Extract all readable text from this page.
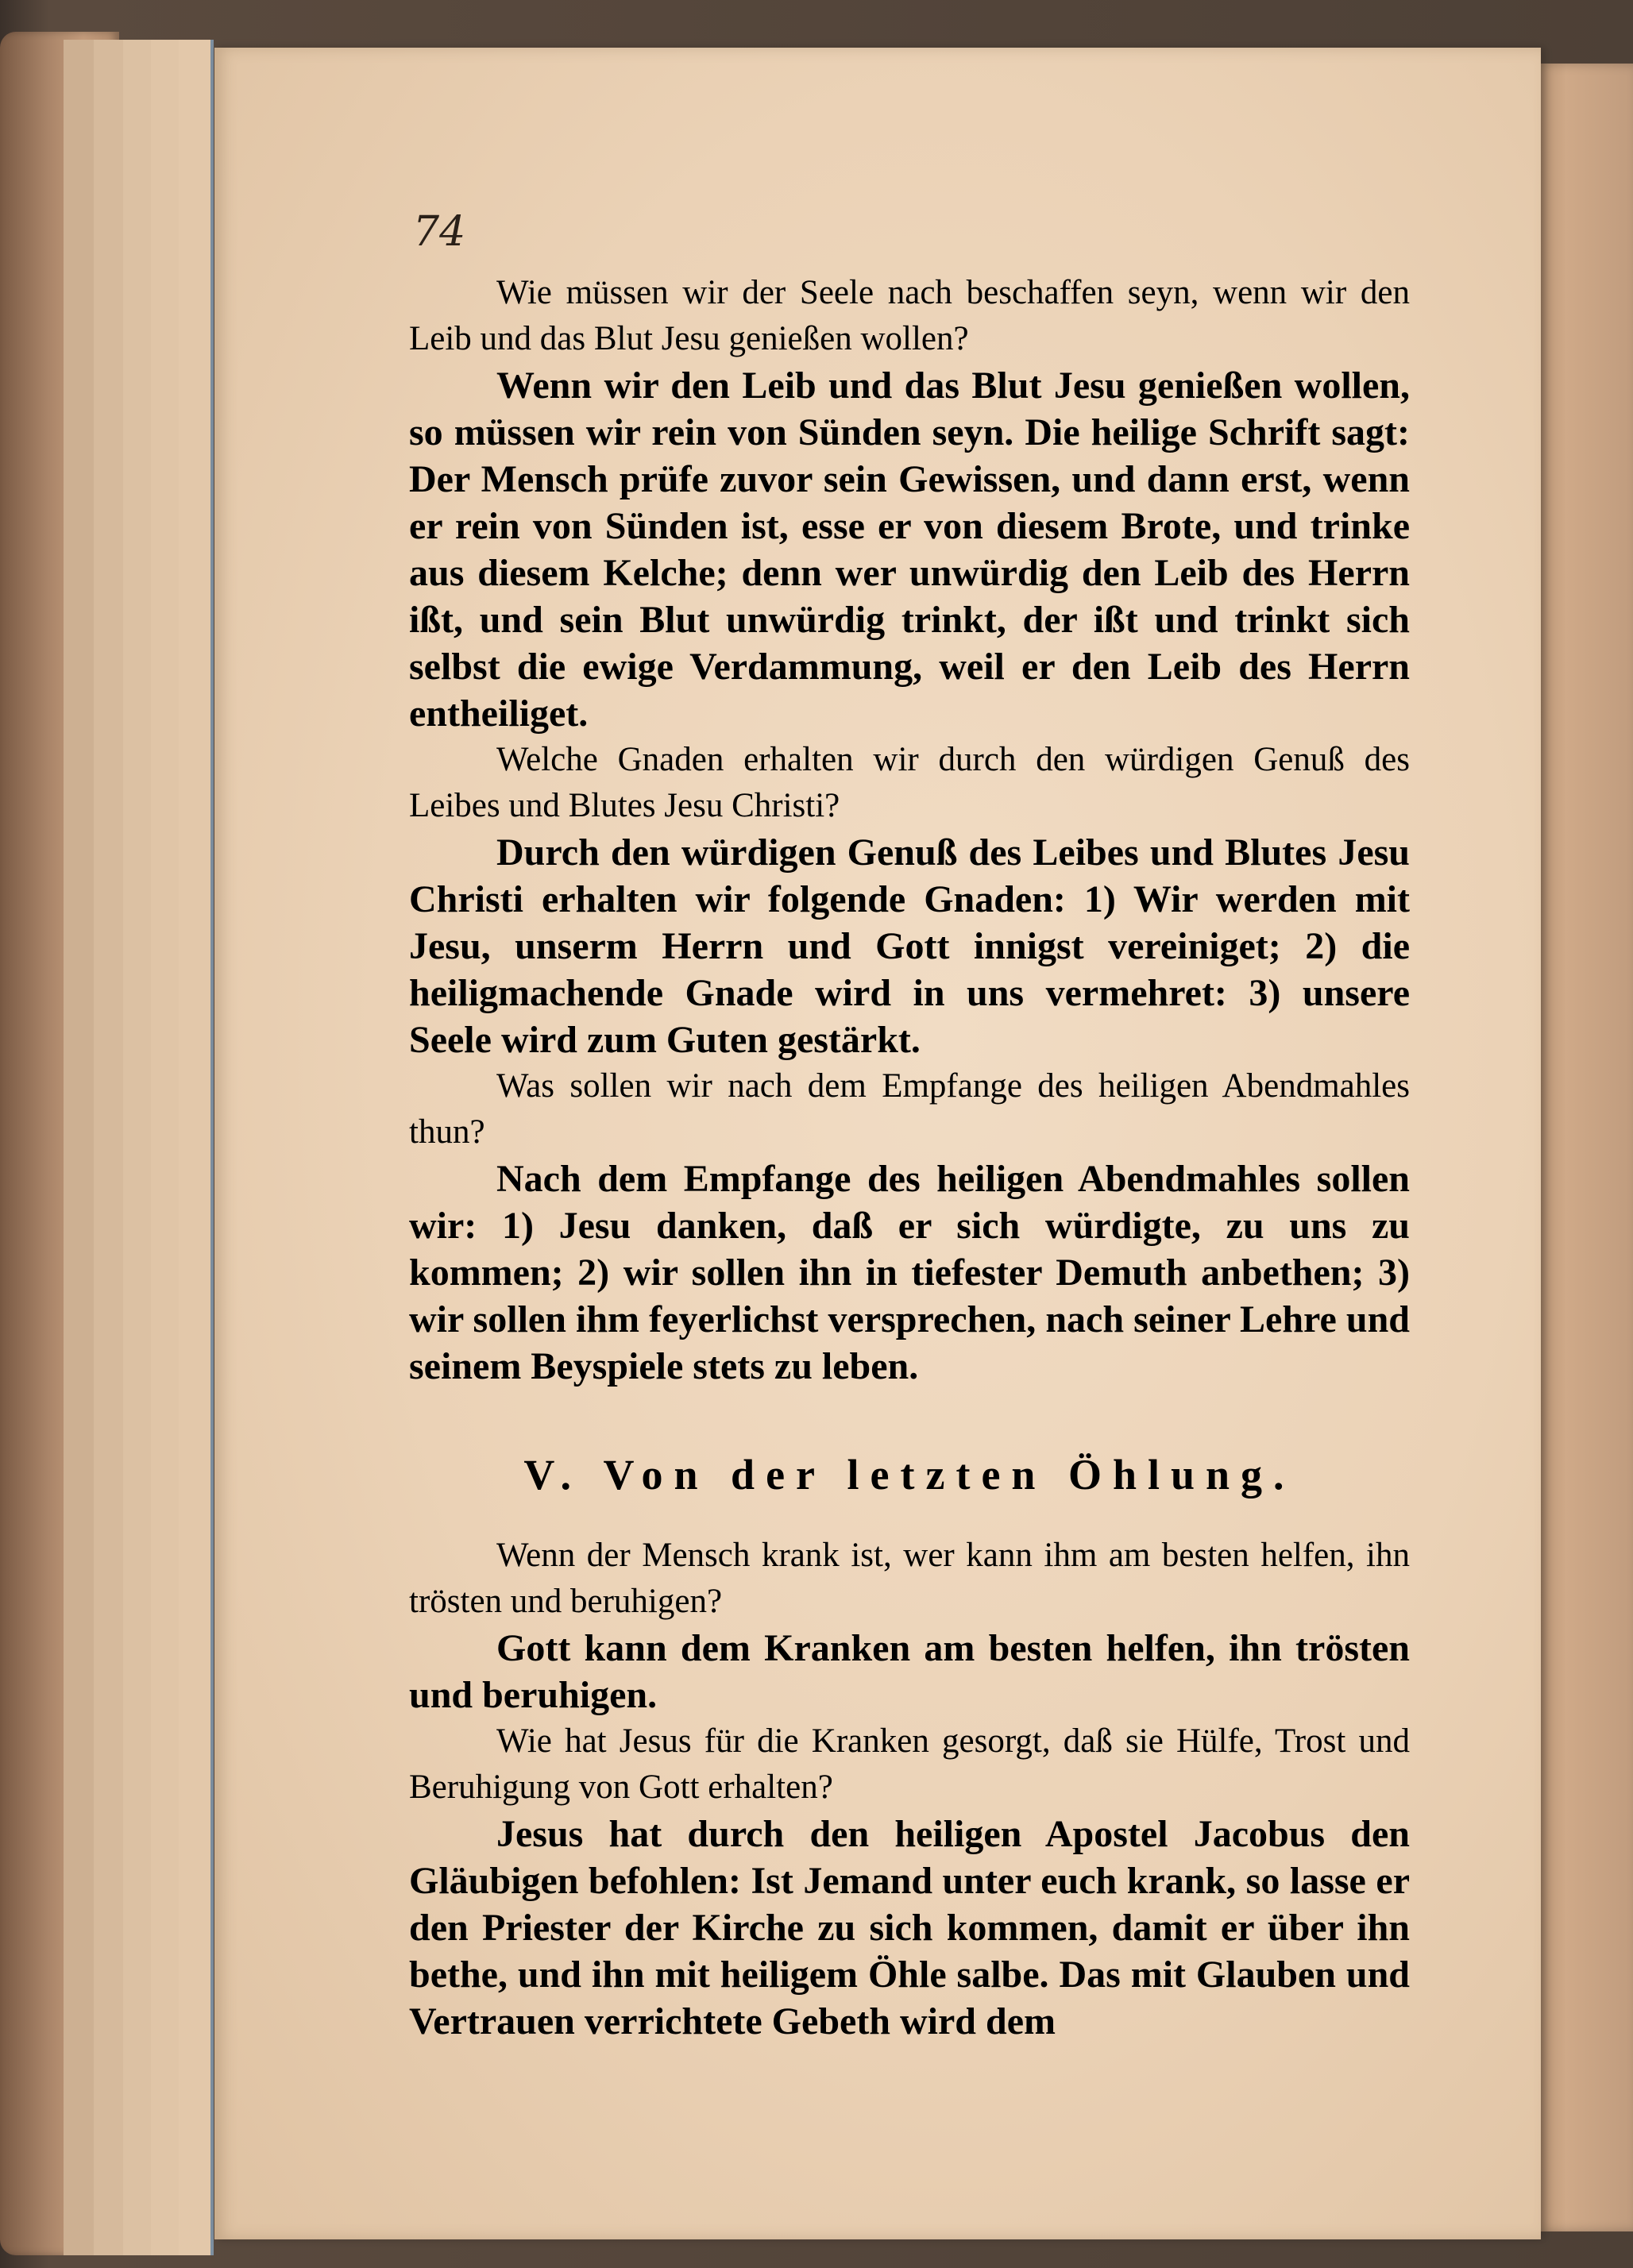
74

Wie müssen wir der Seele nach beschaffen seyn, wenn wir den Leib und das Blut Jesu genießen wollen?

Wenn wir den Leib und das Blut Jesu genießen wollen, so müssen wir rein von Sünden seyn. Die heilige Schrift sagt: Der Mensch prüfe zuvor sein Gewissen, und dann erst, wenn er rein von Sünden ist, esse er von diesem Brote, und trinke aus diesem Kelche; denn wer unwürdig den Leib des Herrn ißt, und sein Blut unwürdig trinkt, der ißt und trinkt sich selbst die ewige Verdammung, weil er den Leib des Herrn entheiliget.

Welche Gnaden erhalten wir durch den würdigen Genuß des Leibes und Blutes Jesu Christi?

Durch den würdigen Genuß des Leibes und Blutes Jesu Christi erhalten wir folgende Gnaden: 1) Wir werden mit Jesu, unserm Herrn und Gott innigst vereiniget; 2) die heiligmachende Gnade wird in uns vermehret: 3) unsere Seele wird zum Guten gestärkt.

Was sollen wir nach dem Empfange des heiligen Abendmahles thun?

Nach dem Empfange des heiligen Abendmahles sollen wir: 1) Jesu danken, daß er sich würdigte, zu uns zu kommen; 2) wir sollen ihn in tiefester Demuth anbethen; 3) wir sollen ihm feyerlichst versprechen, nach seiner Lehre und seinem Beyspiele stets zu leben.

V. Von der letzten Öhlung.

Wenn der Mensch krank ist, wer kann ihm am besten helfen, ihn trösten und beruhigen?

Gott kann dem Kranken am besten helfen, ihn trösten und beruhigen.

Wie hat Jesus für die Kranken gesorgt, daß sie Hülfe, Trost und Beruhigung von Gott erhalten?

Jesus hat durch den heiligen Apostel Jacobus den Gläubigen befohlen: Ist Jemand unter euch krank, so lasse er den Priester der Kirche zu sich kommen, damit er über ihn bethe, und ihn mit heiligem Öhle salbe. Das mit Glauben und Vertrauen verrichtete Gebeth wird dem
